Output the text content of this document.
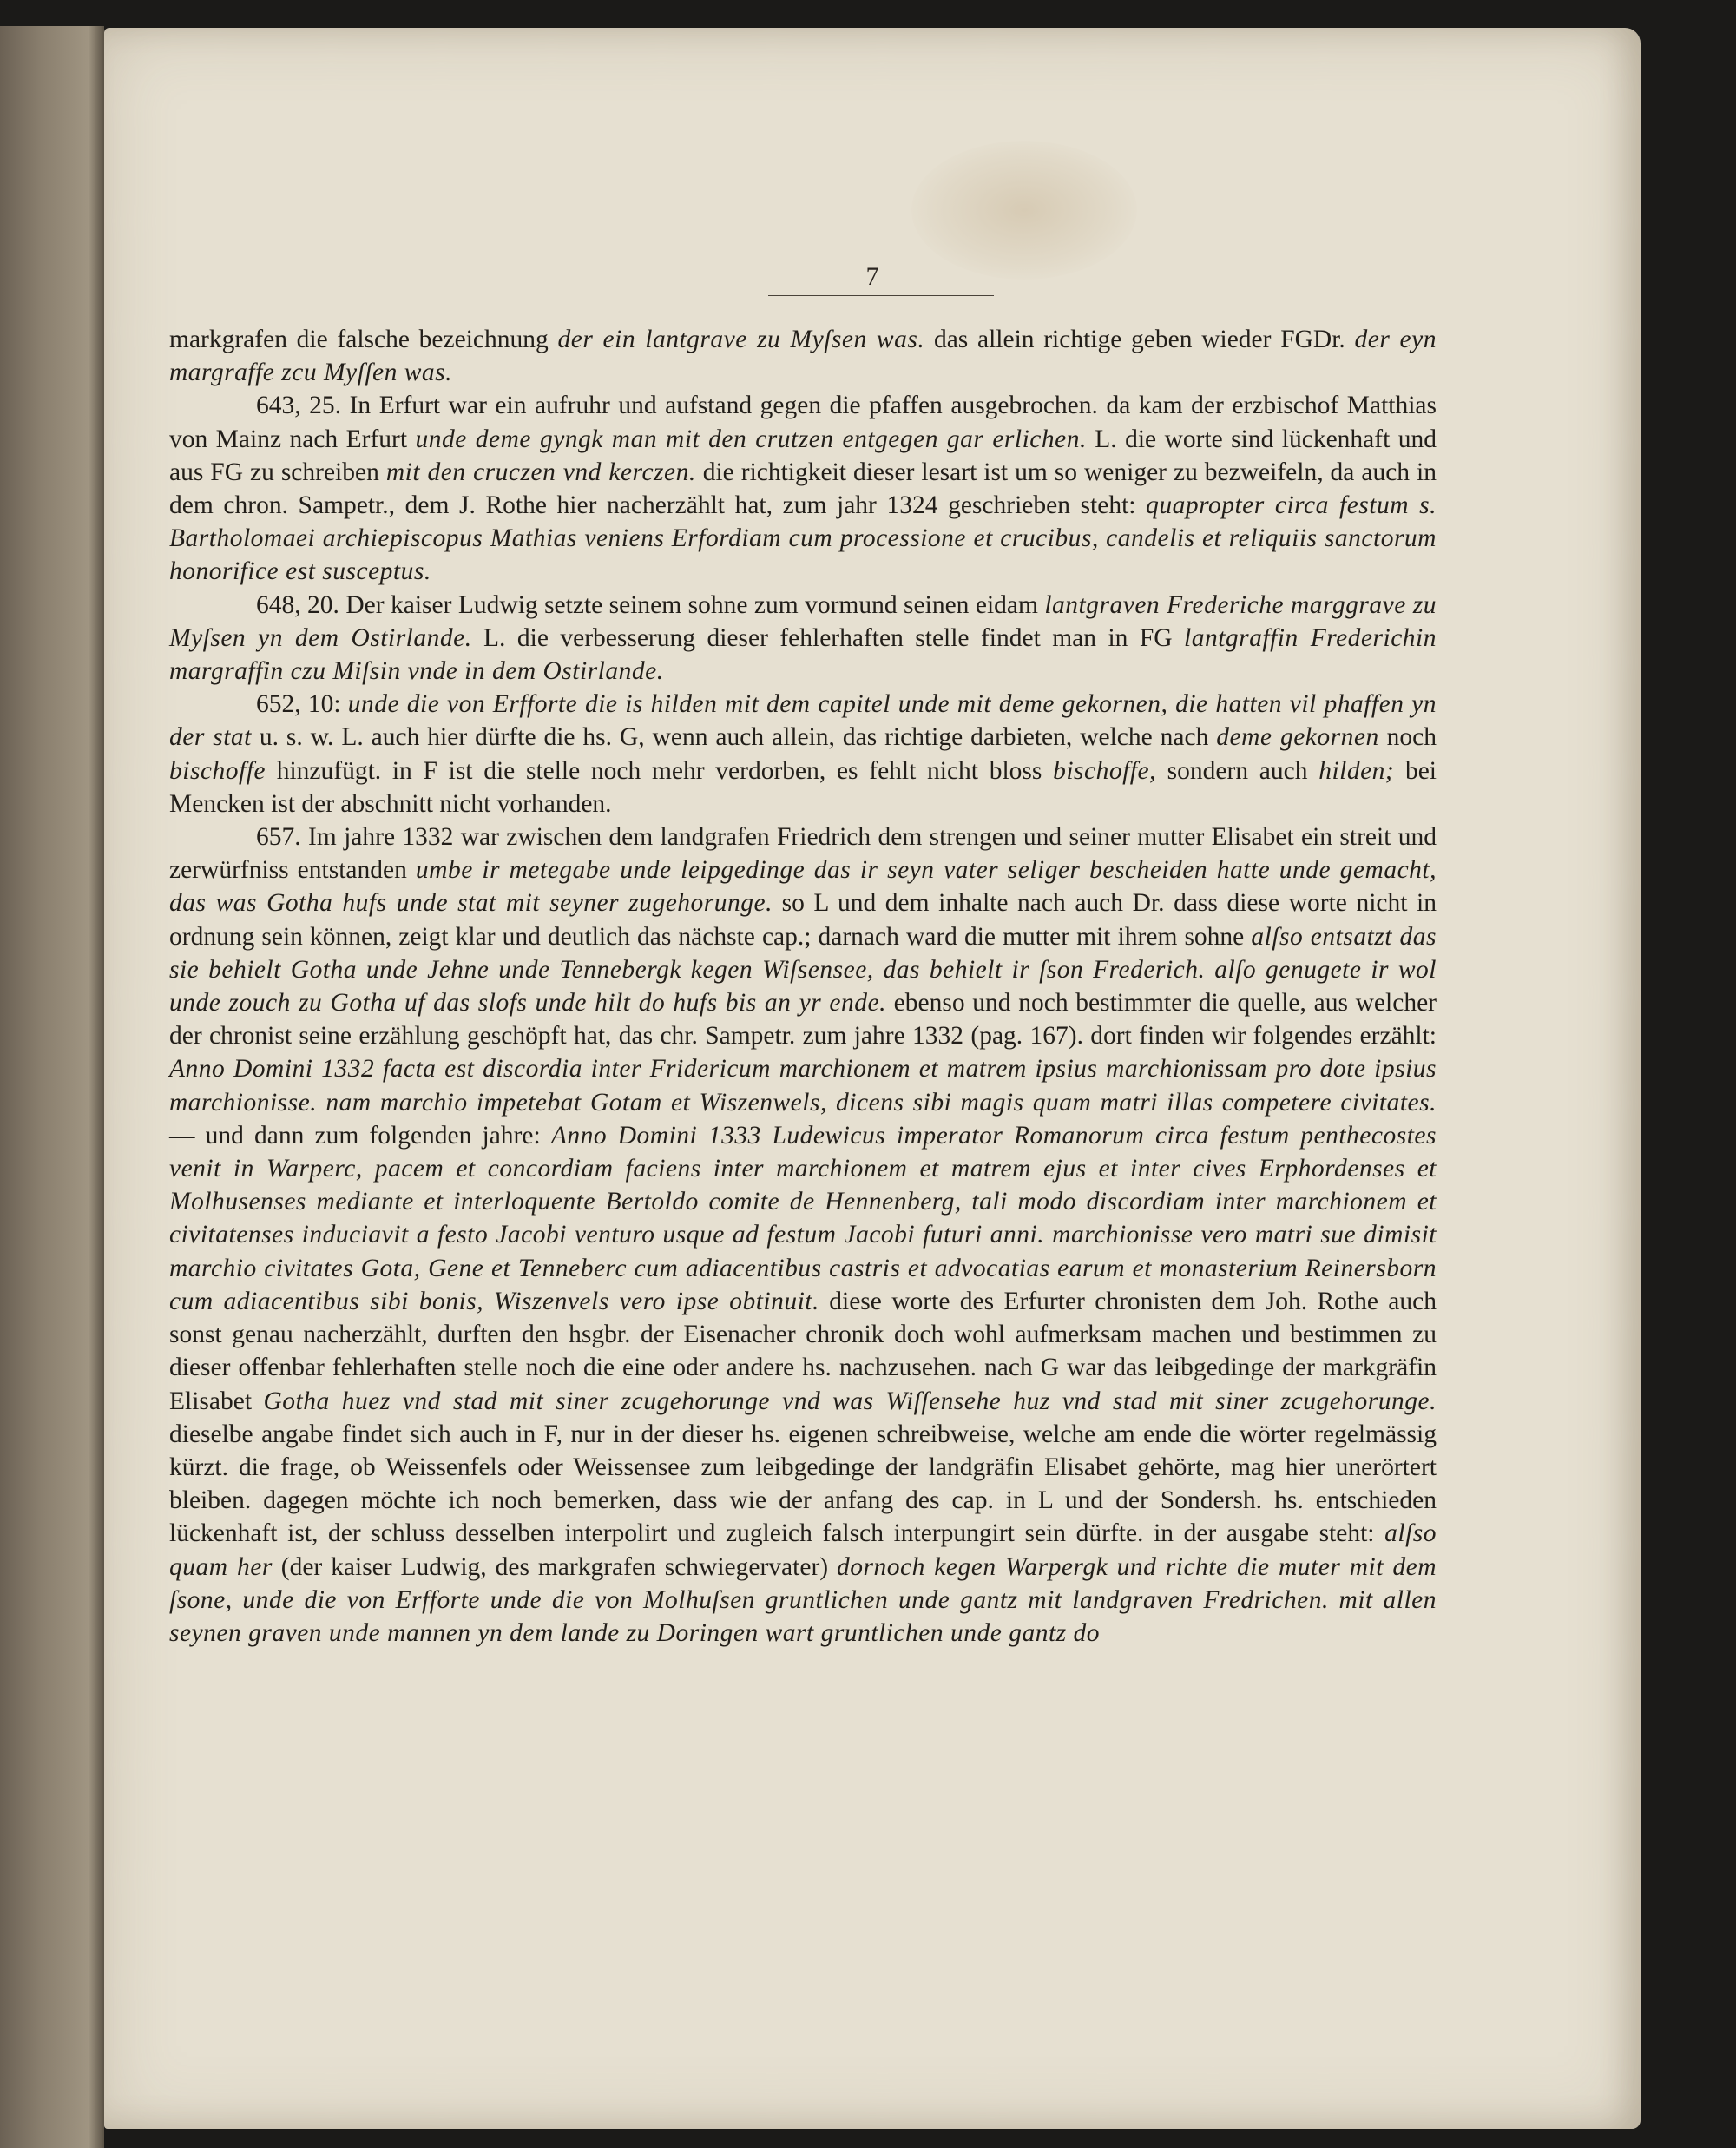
7

markgrafen die falsche bezeichnung der ein lantgrave zu Myſsen was. das allein richtige geben wieder FGDr. der eyn margraffe zcu Myſſen was.

643, 25. In Erfurt war ein aufruhr und aufstand gegen die pfaffen ausgebrochen. da kam der erzbischof Matthias von Mainz nach Erfurt unde deme gyngk man mit den crutzen entgegen gar erlichen. L. die worte sind lückenhaft und aus FG zu schreiben mit den cruczen vnd kerczen. die richtigkeit dieser lesart ist um so weniger zu bezweifeln, da auch in dem chron. Sampetr., dem J. Rothe hier nacherzählt hat, zum jahr 1324 geschrieben steht: quapropter circa festum s. Bartholomaei archiepiscopus Mathias veniens Erfordiam cum processione et crucibus, candelis et reliquiis sanctorum honorifice est susceptus.

648, 20. Der kaiser Ludwig setzte seinem sohne zum vormund seinen eidam lantgraven Frederiche marggrave zu Myſsen yn dem Ostirlande. L. die verbesserung dieser fehlerhaften stelle findet man in FG lantgraffin Frederichin margraffin czu Miſsin vnde in dem Ostirlande.

652, 10: unde die von Erfforte die is hilden mit dem capitel unde mit deme gekornen, die hatten vil phaffen yn der stat u. s. w. L. auch hier dürfte die hs. G, wenn auch allein, das richtige darbieten, welche nach deme gekornen noch bischoffe hinzufügt. in F ist die stelle noch mehr verdorben, es fehlt nicht bloss bischoffe, sondern auch hilden; bei Mencken ist der abschnitt nicht vorhanden.

657. Im jahre 1332 war zwischen dem landgrafen Friedrich dem strengen und seiner mutter Elisabet ein streit und zerwürfniss entstanden umbe ir metegabe unde leipgedinge das ir seyn vater seliger bescheiden hatte unde gemacht, das was Gotha hufs unde stat mit seyner zugehorunge. so L und dem inhalte nach auch Dr. dass diese worte nicht in ordnung sein können, zeigt klar und deutlich das nächste cap.; darnach ward die mutter mit ihrem sohne alſso entsatzt das sie behielt Gotha unde Jehne unde Tennebergk kegen Wiſsensee, das behielt ir ſson Frederich. alſo genugete ir wol unde zouch zu Gotha uf das slofs unde hilt do hufs bis an yr ende. ebenso und noch bestimmter die quelle, aus welcher der chronist seine erzählung geschöpft hat, das chr. Sampetr. zum jahre 1332 (pag. 167). dort finden wir folgendes erzählt: Anno Domini 1332 facta est discordia inter Fridericum marchionem et matrem ipsius marchionissam pro dote ipsius marchionisse. nam marchio impetebat Gotam et Wiszenwels, dicens sibi magis quam matri illas competere civitates. — und dann zum folgenden jahre: Anno Domini 1333 Ludewicus imperator Romanorum circa festum penthecostes venit in Warperc, pacem et concordiam faciens inter marchionem et matrem ejus et inter cives Erphordenses et Molhusenses mediante et interloquente Bertoldo comite de Hennenberg, tali modo discordiam inter marchionem et civitatenses induciavit a festo Jacobi venturo usque ad festum Jacobi futuri anni. marchionisse vero matri sue dimisit marchio civitates Gota, Gene et Tenneberc cum adiacentibus castris et advocatias earum et monasterium Reinersborn cum adiacentibus sibi bonis, Wiszenvels vero ipse obtinuit. diese worte des Erfurter chronisten dem Joh. Rothe auch sonst genau nacherzählt, durften den hsgbr. der Eisenacher chronik doch wohl aufmerksam machen und bestimmen zu dieser offenbar fehlerhaften stelle noch die eine oder andere hs. nachzusehen. nach G war das leibgedinge der markgräfin Elisabet Gotha huez vnd stad mit siner zcugehorunge vnd was Wiſſensehe huz vnd stad mit siner zcugehorunge. dieselbe angabe findet sich auch in F, nur in der dieser hs. eigenen schreibweise, welche am ende die wörter regelmässig kürzt. die frage, ob Weissenfels oder Weissensee zum leibgedinge der landgräfin Elisabet gehörte, mag hier unerörtert bleiben. dagegen möchte ich noch bemerken, dass wie der anfang des cap. in L und der Sondersh. hs. entschieden lückenhaft ist, der schluss desselben interpolirt und zugleich falsch interpungirt sein dürfte. in der ausgabe steht: alſso quam her (der kaiser Ludwig, des markgrafen schwiegervater) dornoch kegen Warpergk und richte die muter mit dem ſsone, unde die von Erfforte unde die von Molhuſsen gruntlichen unde gantz mit landgraven Fredrichen. mit allen seynen graven unde mannen yn dem lande zu Doringen wart gruntlichen unde gantz do
